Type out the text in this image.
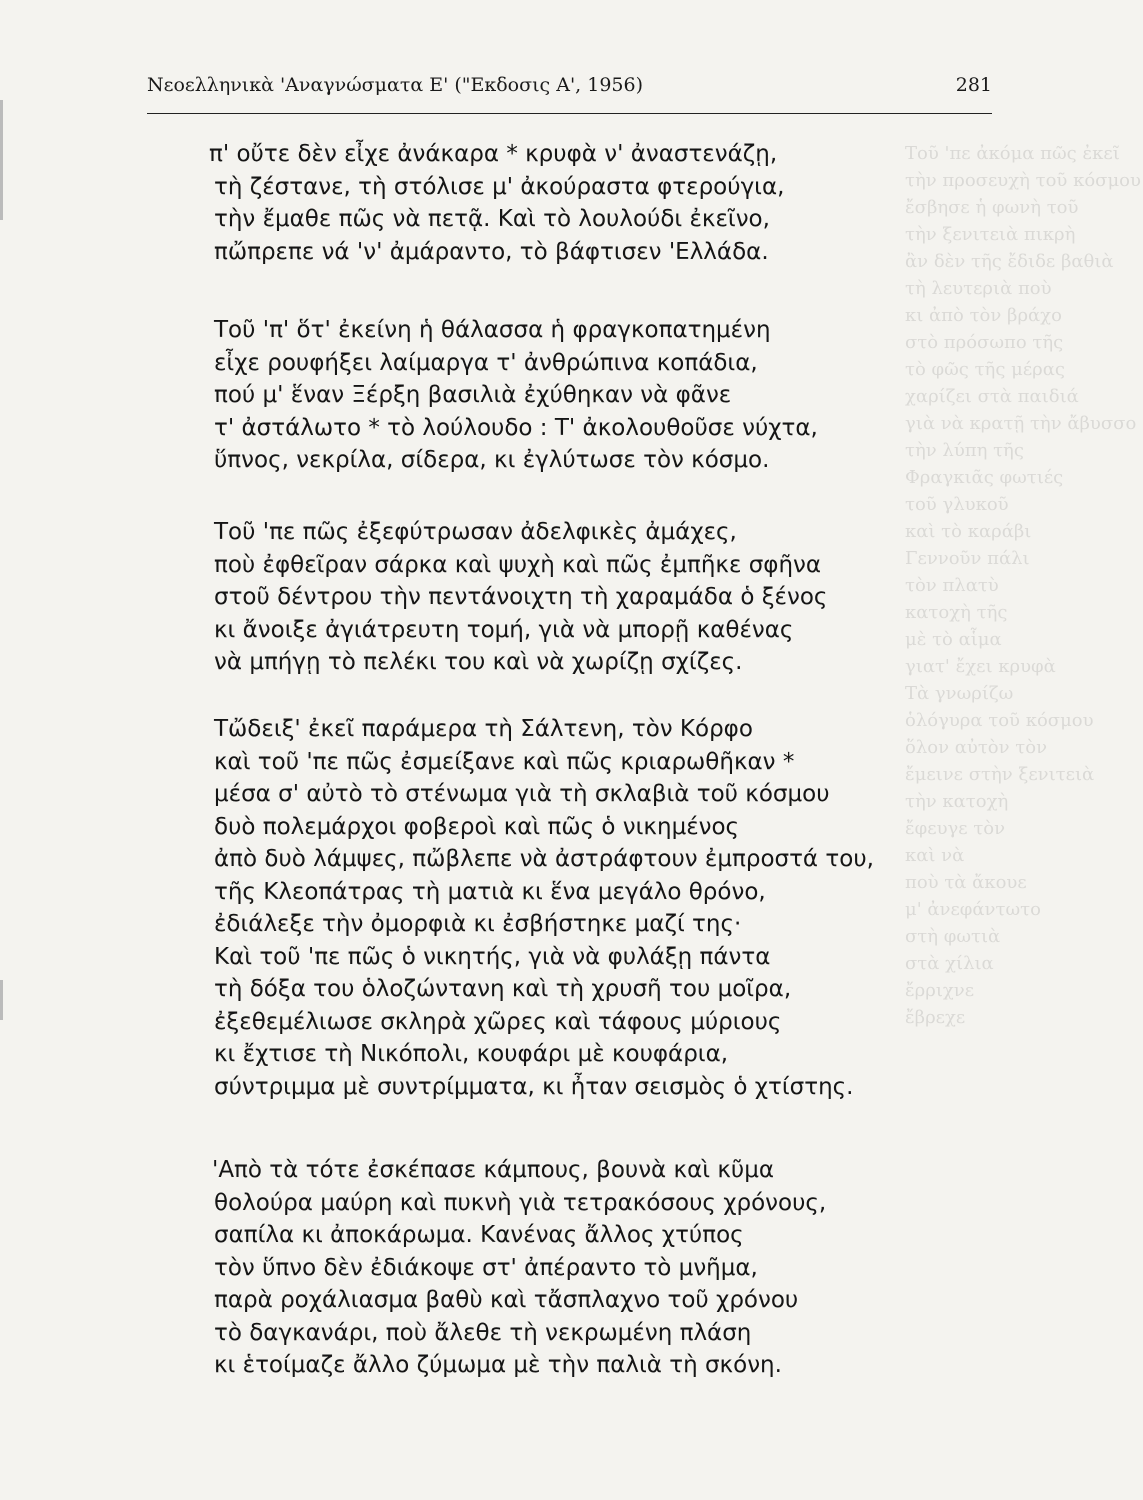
Τοῦ 'πε ἀκόμα πῶς ἐκεῖ
τὴν προσευχὴ τοῦ κόσμου
ἔσβησε ἡ φωνὴ τοῦ
τὴν ξενιτειὰ πικρὴ
ἂν δὲν τῆς ἔδιδε βαθιὰ
τὴ λευτεριὰ ποὺ
κι ἀπὸ τὸν βράχο
στὸ πρόσωπο τῆς
τὸ φῶς τῆς μέρας
χαρίζει στὰ παιδιά
γιὰ νὰ κρατῇ τὴν ἄβυσσο
τὴν λύπη τῆς
Φραγκιᾶς φωτιές
τοῦ γλυκοῦ
καὶ τὸ καράβι
Γεννοῦν πάλι
τὸν πλατὺ
κατοχὴ τῆς
μὲ τὸ αἷμα
γιατ' ἔχει κρυφὰ
Τὰ γνωρίζω
ὁλόγυρα τοῦ κόσμου
ὅλον αὐτὸν τὸν
ἔμεινε στὴν ξενιτειὰ
τὴν κατοχὴ
ἔφευγε τὸν
καὶ νὰ
ποὺ τὰ ἄκουε
μ' ἀνεφάντωτο
στὴ φωτιὰ
στὰ χίλια
ἔρριχνε
ἔβρεχε
Νεοελληνικὰ 'Αναγνώσματα Ε' ("Εκδοσις Α', 1956)	281
π' οὔτε δὲν εἶχε ἀνάκαρα * κρυφὰ ν' ἀναστενάζῃ,
τὴ ζέστανε, τὴ στόλισε μ' ἀκούραστα φτερούγια,
τὴν ἔμαθε πῶς νὰ πετᾷ. Καὶ τὸ λουλούδι ἐκεῖνο,
πὤπρεπε νά 'ν' ἀμάραντο, τὸ βάφτισεν 'Ελλάδα.
Τοῦ 'π' ὅτ' ἐκείνη ἡ θάλασσα ἡ φραγκοπατημένη
εἶχε ρουφήξει λαίμαργα τ' ἀνθρώπινα κοπάδια,
πού μ' ἕναν Ξέρξη βασιλιὰ ἐχύθηκαν νὰ φᾶνε
τ' ἀστάλωτο * τὸ λούλουδο : Τ' ἀκολουθοῦσε νύχτα,
ὕπνος, νεκρίλα, σίδερα, κι ἐγλύτωσε τὸν κόσμο.
Τοῦ 'πε πῶς ἐξεφύτρωσαν ἀδελφικὲς ἀμάχες,
ποὺ ἐφθεῖραν σάρκα καὶ ψυχὴ καὶ πῶς ἐμπῆκε σφῆνα
στοῦ δέντρου τὴν πεντάνοιχτη τὴ χαραμάδα ὁ ξένος
κι ἄνοιξε ἀγιάτρευτη τομή, γιὰ νὰ μπορῇ καθένας
νὰ μπήγῃ τὸ πελέκι του καὶ νὰ χωρίζῃ σχίζες.
Τὤδειξ' ἐκεῖ παράμερα τὴ Σάλτενη, τὸν Κόρφο
καὶ τοῦ 'πε πῶς ἐσμείξανε καὶ πῶς κριαρωθῆκαν *
μέσα σ' αὐτὸ τὸ στένωμα γιὰ τὴ σκλαβιὰ τοῦ κόσμου
δυὸ πολεμάρχοι φοβεροὶ καὶ πῶς ὁ νικημένος
ἀπὸ δυὸ λάμψες, πὤβλεπε νὰ ἀστράφτουν ἐμπροστά του,
τῆς Κλεοπάτρας τὴ ματιὰ κι ἕνα μεγάλο θρόνο,
ἐδιάλεξε τὴν ὀμορφιὰ κι ἐσβήστηκε μαζί της·
Καὶ τοῦ 'πε πῶς ὁ νικητής, γιὰ νὰ φυλάξῃ πάντα
τὴ δόξα του ὁλοζώντανη καὶ τὴ χρυσῆ του μοῖρα,
ἐξεθεμέλιωσε σκληρὰ χῶρες καὶ τάφους μύριους
κι ἔχτισε τὴ Νικόπολι, κουφάρι μὲ κουφάρια,
σύντριμμα μὲ συντρίμματα, κι ἦταν σεισμὸς ὁ χτίστης.
'Απὸ τὰ τότε ἐσκέπασε κάμπους, βουνὰ καὶ κῦμα
θολούρα μαύρη καὶ πυκνὴ γιὰ τετρακόσους χρόνους,
σαπίλα κι ἀποκάρωμα. Κανένας ἄλλος χτύπος
τὸν ὕπνο δὲν ἐδιάκοψε στ' ἀπέραντο τὸ μνῆμα,
παρὰ ροχάλιασμα βαθὺ καὶ τἄσπλαχνο τοῦ χρόνου
τὸ δαγκανάρι, ποὺ ἄλεθε τὴ νεκρωμένη πλάση
κι ἑτοίμαζε ἄλλο ζύμωμα μὲ τὴν παλιὰ τὴ σκόνη.
